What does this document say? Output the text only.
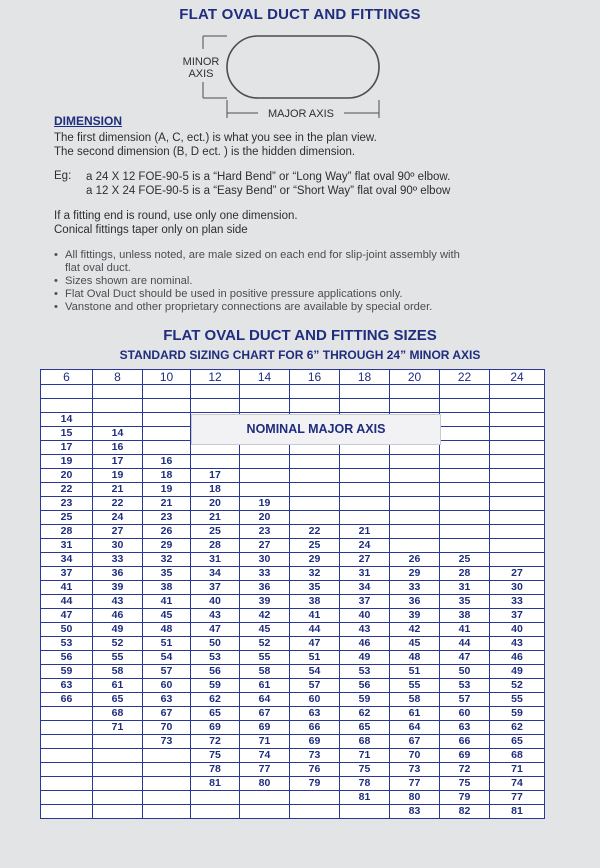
FLAT OVAL DUCT AND FITTINGS
MINOR
AXIS
MAJOR AXIS
DIMENSION
The first dimension (A, C, ect.) is what you see in the plan view.
The second dimension (B, D ect. ) is the hidden dimension.
Eg: a 24 X 12 FOE-90-5 is a “Hard Bend” or “Long Way” flat oval 90º elbow.
a 12 X 24 FOE-90-5 is a “Easy Bend” or “Short Way” flat oval 90º elbow
If a fitting end is round, use only one dimension.
Conical fittings taper only on plan side
• All fittings, unless noted, are male sized on each end for slip-joint assembly with
flat oval duct.
• Sizes shown are nominal.
• Flat Oval Duct should be used in positive pressure applications only.
• Vanstone and other proprietary connections are available by special order.
FLAT OVAL DUCT AND FITTING SIZES
STANDARD SIZING CHART FOR 6” THROUGH 24” MINOR AXIS
6	8	10	12	14	16	18	20	22	24

14									
15	14								
17	16								
19	17	16							
20	19	18	17						
22	21	19	18						
23	22	21	20	19					
25	24	23	21	20					
28	27	26	25	23	22	21			
31	30	29	28	27	25	24			
34	33	32	31	30	29	27	26	25	
37	36	35	34	33	32	31	29	28	27
41	39	38	37	36	35	34	33	31	30
44	43	41	40	39	38	37	36	35	33
47	46	45	43	42	41	40	39	38	37
50	49	48	47	45	44	43	42	41	40
53	52	51	50	52	47	46	45	44	43
56	55	54	53	55	51	49	48	47	46
59	58	57	56	58	54	53	51	50	49
63	61	60	59	61	57	56	55	53	52
66	65	63	62	64	60	59	58	57	55
	68	67	65	67	63	62	61	60	59
	71	70	69	69	66	65	64	63	62
		73	72	71	69	68	67	66	65
			75	74	73	71	70	69	68
			78	77	76	75	73	72	71
			81	80	79	78	77	75	74
						81	80	79	77
							83	82	81
NOMINAL MAJOR AXIS
